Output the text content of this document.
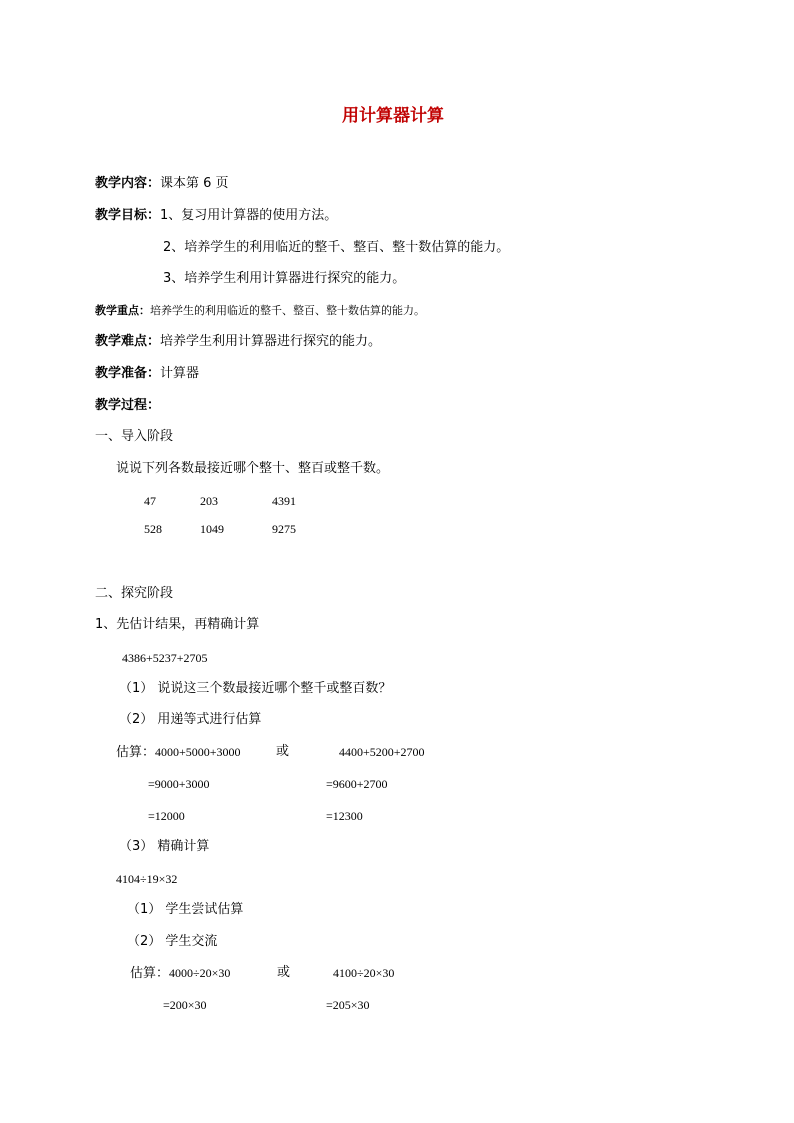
用计算器计算
教学内容：课本第 6 页
教学目标：1、复习用计算器的使用方法。
2、培养学生的利用临近的整千、整百、整十数估算的能力。
3、培养学生利用计算器进行探究的能力。
教学重点：培养学生的利用临近的整千、整百、整十数估算的能力。
教学难点：培养学生利用计算器进行探究的能力。
教学准备：计算器
教学过程：
一、导入阶段
说说下列各数最接近哪个整十、整百或整千数。
47	203	4391
528	1049	9275
二、探究阶段
1、先估计结果，再精确计算
4386+5237+2705
（1） 说说这三个数最接近哪个整千或整百数？
（2） 用递等式进行估算
估算：4000+5000+3000	或	4400+5200+2700
=9000+3000	=9600+2700
=12000	=12300
（3） 精确计算
4104÷19×32
（1） 学生尝试估算
（2） 学生交流
估算：4000÷20×30	或	4100÷20×30
=200×30	=205×30
